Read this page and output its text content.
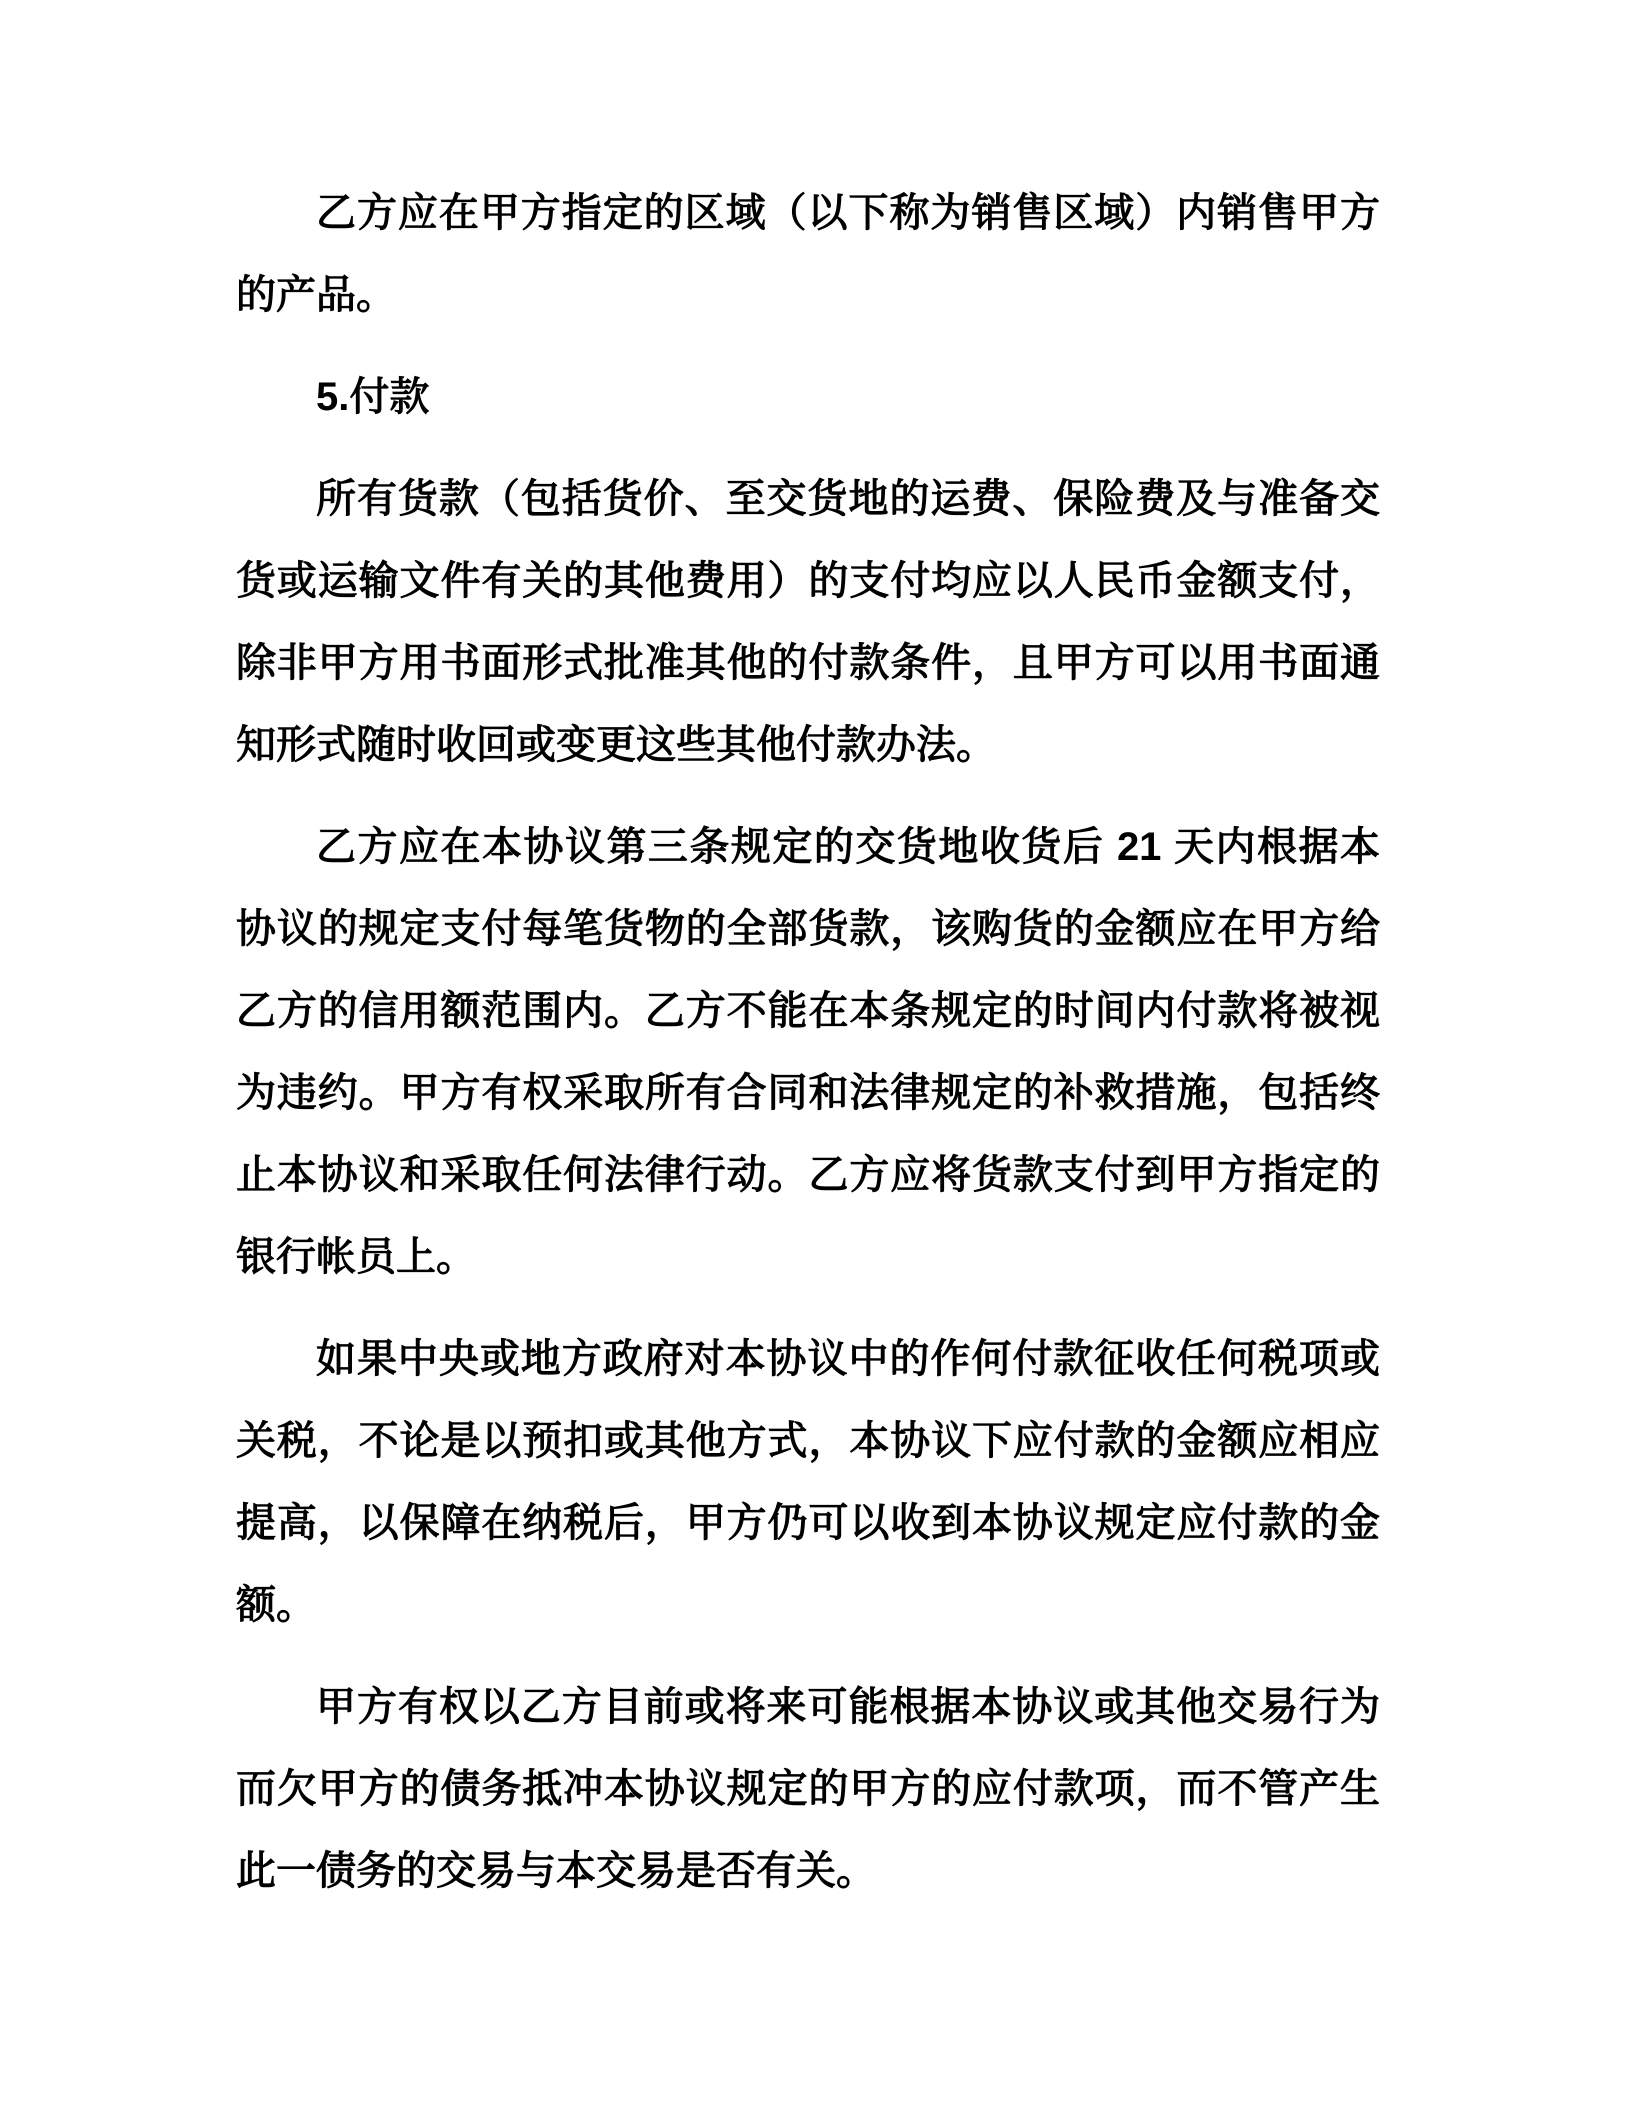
乙方应在甲方指定的区域（以下称为销售区域）内销售甲方的产品。

5.付款

所有货款（包括货价、至交货地的运费、保险费及与准备交货或运输文件有关的其他费用）的支付均应以人民币金额支付，除非甲方用书面形式批准其他的付款条件，且甲方可以用书面通知形式随时收回或变更这些其他付款办法。

乙方应在本协议第三条规定的交货地收货后 21 天内根据本协议的规定支付每笔货物的全部货款，该购货的金额应在甲方给乙方的信用额范围内。乙方不能在本条规定的时间内付款将被视为违约。甲方有权采取所有合同和法律规定的补救措施，包括终止本协议和采取任何法律行动。乙方应将货款支付到甲方指定的银行帐员上。

如果中央或地方政府对本协议中的作何付款征收任何税项或关税，不论是以预扣或其他方式，本协议下应付款的金额应相应提高，以保障在纳税后，甲方仍可以收到本协议规定应付款的金额。

甲方有权以乙方目前或将来可能根据本协议或其他交易行为而欠甲方的债务抵冲本协议规定的甲方的应付款项，而不管产生此一债务的交易与本交易是否有关。
